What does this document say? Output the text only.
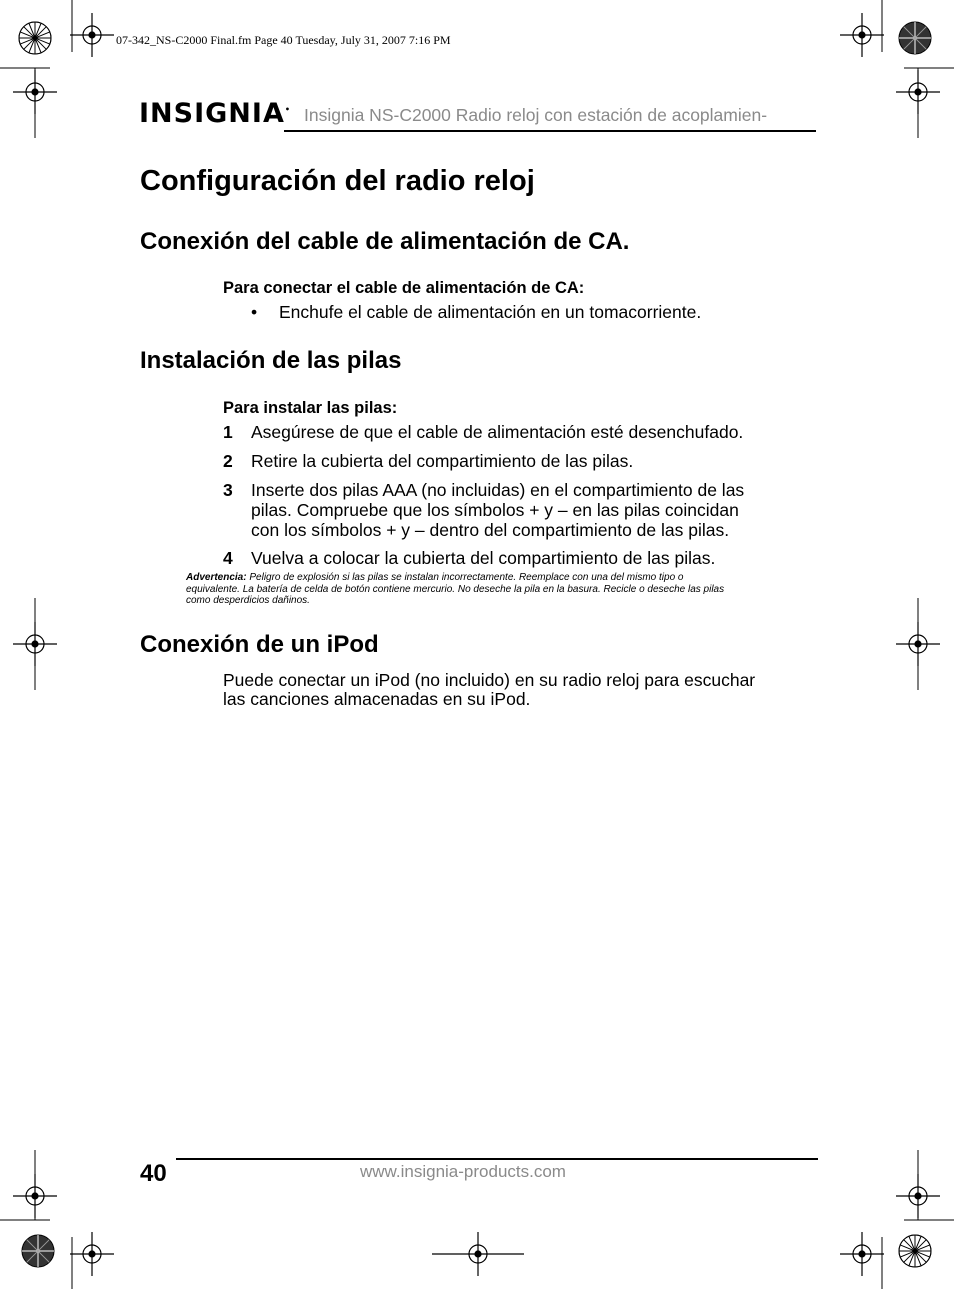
07-342_NS-C2000 Final.fm Page 40 Tuesday, July 31, 2007 7:16 PM
INSIGNIA• Insignia NS-C2000 Radio reloj con estación de acoplamien-
Configuración del radio reloj
Conexión del cable de alimentación de CA.
Para conectar el cable de alimentación de CA:
• Enchufe el cable de alimentación en un tomacorriente.
Instalación de las pilas
Para instalar las pilas:
1 Asegúrese de que el cable de alimentación esté desenchufado.
2 Retire la cubierta del compartimiento de las pilas.
3 Inserte dos pilas AAA (no incluidas) en el compartimiento de las
pilas. Compruebe que los símbolos + y – en las pilas coincidan
con los símbolos + y – dentro del compartimiento de las pilas.
4 Vuelva a colocar la cubierta del compartimiento de las pilas.
Advertencia: Peligro de explosión si las pilas se instalan incorrectamente. Reemplace con una del mismo tipo o
equivalente. La batería de celda de botón contiene mercurio. No deseche la pila en la basura. Recicle o deseche las pilas
como desperdicios dañinos.
Conexión de un iPod
Puede conectar un iPod (no incluido) en su radio reloj para escuchar
las canciones almacenadas en su iPod.
40	www.insignia-products.com
